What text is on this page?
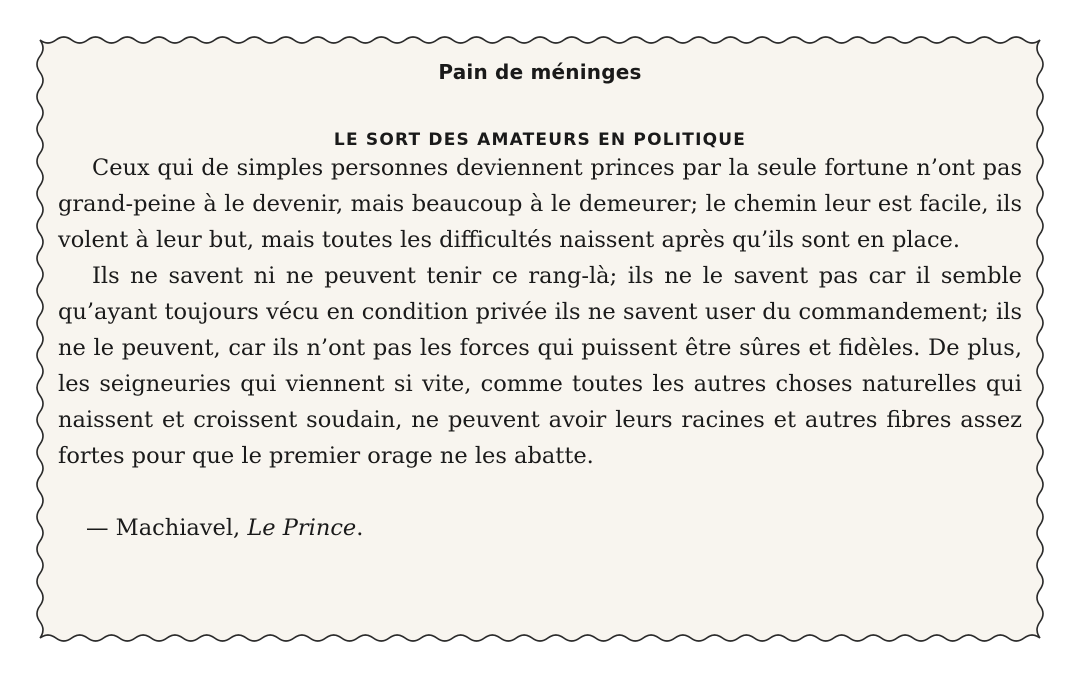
Pain de méninges
LE SORT DES AMATEURS EN POLITIQUE

Ceux qui de simples personnes deviennent princes par la seule fortune n’ont pas grand-peine à le devenir, mais beaucoup à le demeurer; le chemin leur est facile, ils volent à leur but, mais toutes les difficultés naissent après qu’ils sont en place.

Ils ne savent ni ne peuvent tenir ce rang-là; ils ne le savent pas car il semble qu’ayant toujours vécu en condition privée ils ne savent user du commandement; ils ne le peuvent, car ils n’ont pas les forces qui puissent être sûres et fidèles. De plus, les seigneuries qui viennent si vite, comme toutes les autres choses naturelles qui naissent et croissent soudain, ne peuvent avoir leurs racines et autres fibres assez fortes pour que le premier orage ne les abatte.

— Machiavel, Le Prince.
